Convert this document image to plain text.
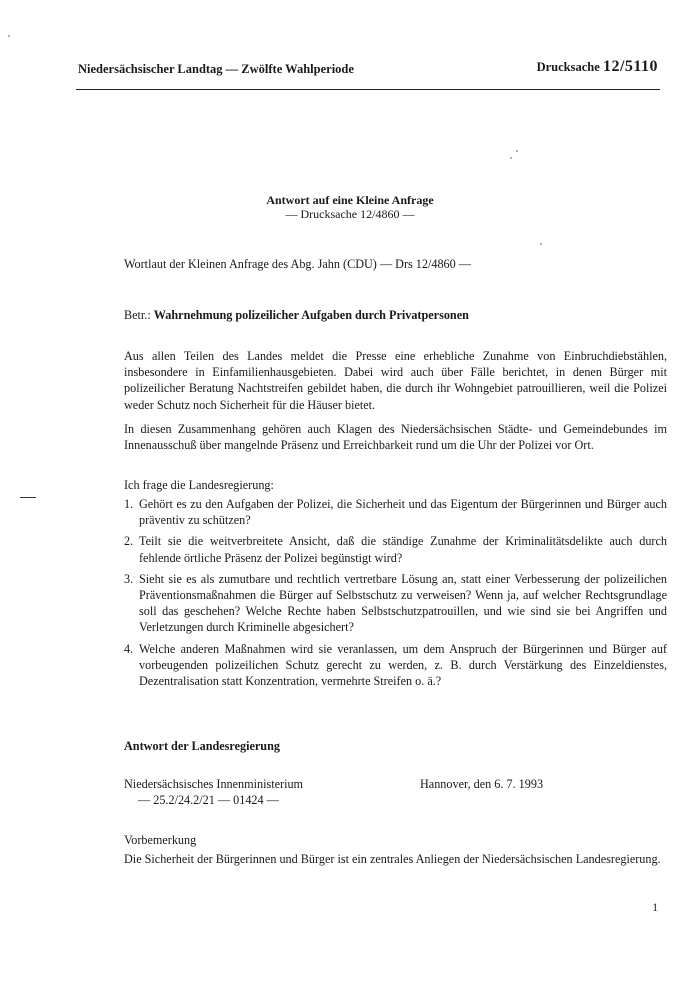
Niedersächsischer Landtag — Zwölfte Wahlperiode	Drucksache 12/5110
Antwort auf eine Kleine Anfrage
— Drucksache 12/4860 —
Wortlaut der Kleinen Anfrage des Abg. Jahn (CDU) — Drs 12/4860 —
Betr.: Wahrnehmung polizeilicher Aufgaben durch Privatpersonen
Aus allen Teilen des Landes meldet die Presse eine erhebliche Zunahme von Einbruchdiebstählen, insbesondere in Einfamilienhausgebieten. Dabei wird auch über Fälle berichtet, in denen Bürger mit polizeilicher Beratung Nachtstreifen gebildet haben, die durch ihr Wohngebiet patrouillieren, weil die Polizei weder Schutz noch Sicherheit für die Häuser bietet.
In diesen Zusammenhang gehören auch Klagen des Niedersächsischen Städte- und Gemeindebundes im Innenausschuß über mangelnde Präsenz und Erreichbarkeit rund um die Uhr der Polizei vor Ort.
Ich frage die Landesregierung:
1. Gehört es zu den Aufgaben der Polizei, die Sicherheit und das Eigentum der Bürgerinnen und Bürger auch präventiv zu schützen?
2. Teilt sie die weitverbreitete Ansicht, daß die ständige Zunahme der Kriminalitätsdelikte auch durch fehlende örtliche Präsenz der Polizei begünstigt wird?
3. Sieht sie es als zumutbare und rechtlich vertretbare Lösung an, statt einer Verbesserung der polizeilichen Präventionsmaßnahmen die Bürger auf Selbstschutz zu verweisen? Wenn ja, auf welcher Rechtsgrundlage soll das geschehen? Welche Rechte haben Selbstschutzpatrouillen, und wie sind sie bei Angriffen und Verletzungen durch Kriminelle abgesichert?
4. Welche anderen Maßnahmen wird sie veranlassen, um dem Anspruch der Bürgerinnen und Bürger auf vorbeugenden polizeilichen Schutz gerecht zu werden, z. B. durch Verstärkung des Einzeldienstes, Dezentralisation statt Konzentration, vermehrte Streifen o. ä.?
Antwort der Landesregierung
Niedersächsisches Innenministerium
— 25.2/24.2/21 — 01424 —
Hannover, den 6. 7. 1993
Vorbemerkung
Die Sicherheit der Bürgerinnen und Bürger ist ein zentrales Anliegen der Niedersächsischen Landesregierung.
1
